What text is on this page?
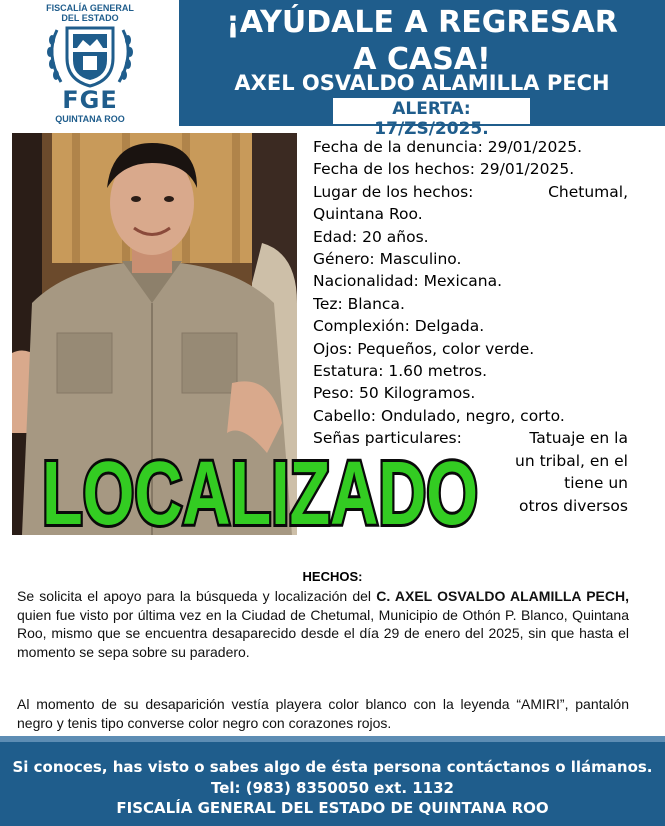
FISCALÍA GENERAL
DEL ESTADO
FGE
QUINTANA ROO
¡AYÚDALE A REGRESAR
A CASA!
AXEL OSVALDO ALAMILLA PECH
ALERTA: 17/ZS/2025.
Fecha de la denuncia: 29/01/2025.
Fecha de los hechos: 29/01/2025.
Lugar de los hechos:	Chetumal,
Quintana Roo.
Edad: 20 años.
Género: Masculino.
Nacionalidad: Mexicana.
Tez: Blanca.
Complexión: Delgada.
Ojos: Pequeños, color verde.
Estatura: 1.60 metros.
Peso: 50 Kilogramos.
Cabello: Ondulado, negro, corto.
Señas particulares:	Tatuaje en la
un tribal, en el
tiene un
otros diversos
LOCALIZADO
HECHOS:
Se solicita el apoyo para la búsqueda y localización del C. AXEL OSVALDO ALAMILLA PECH, quien fue visto por última vez en la Ciudad de Chetumal, Municipio de Othón P. Blanco, Quintana Roo, mismo que se encuentra desaparecido desde el día 29 de enero del 2025, sin que hasta el momento se sepa sobre su paradero.
Al momento de su desaparición vestía playera color blanco con la leyenda “AMIRI”, pantalón negro y tenis tipo converse color negro con corazones rojos.
Si conoces, has visto o sabes algo de ésta persona contáctanos o llámanos.
Tel: (983) 8350050 ext. 1132
FISCALÍA GENERAL DEL ESTADO DE QUINTANA ROO
